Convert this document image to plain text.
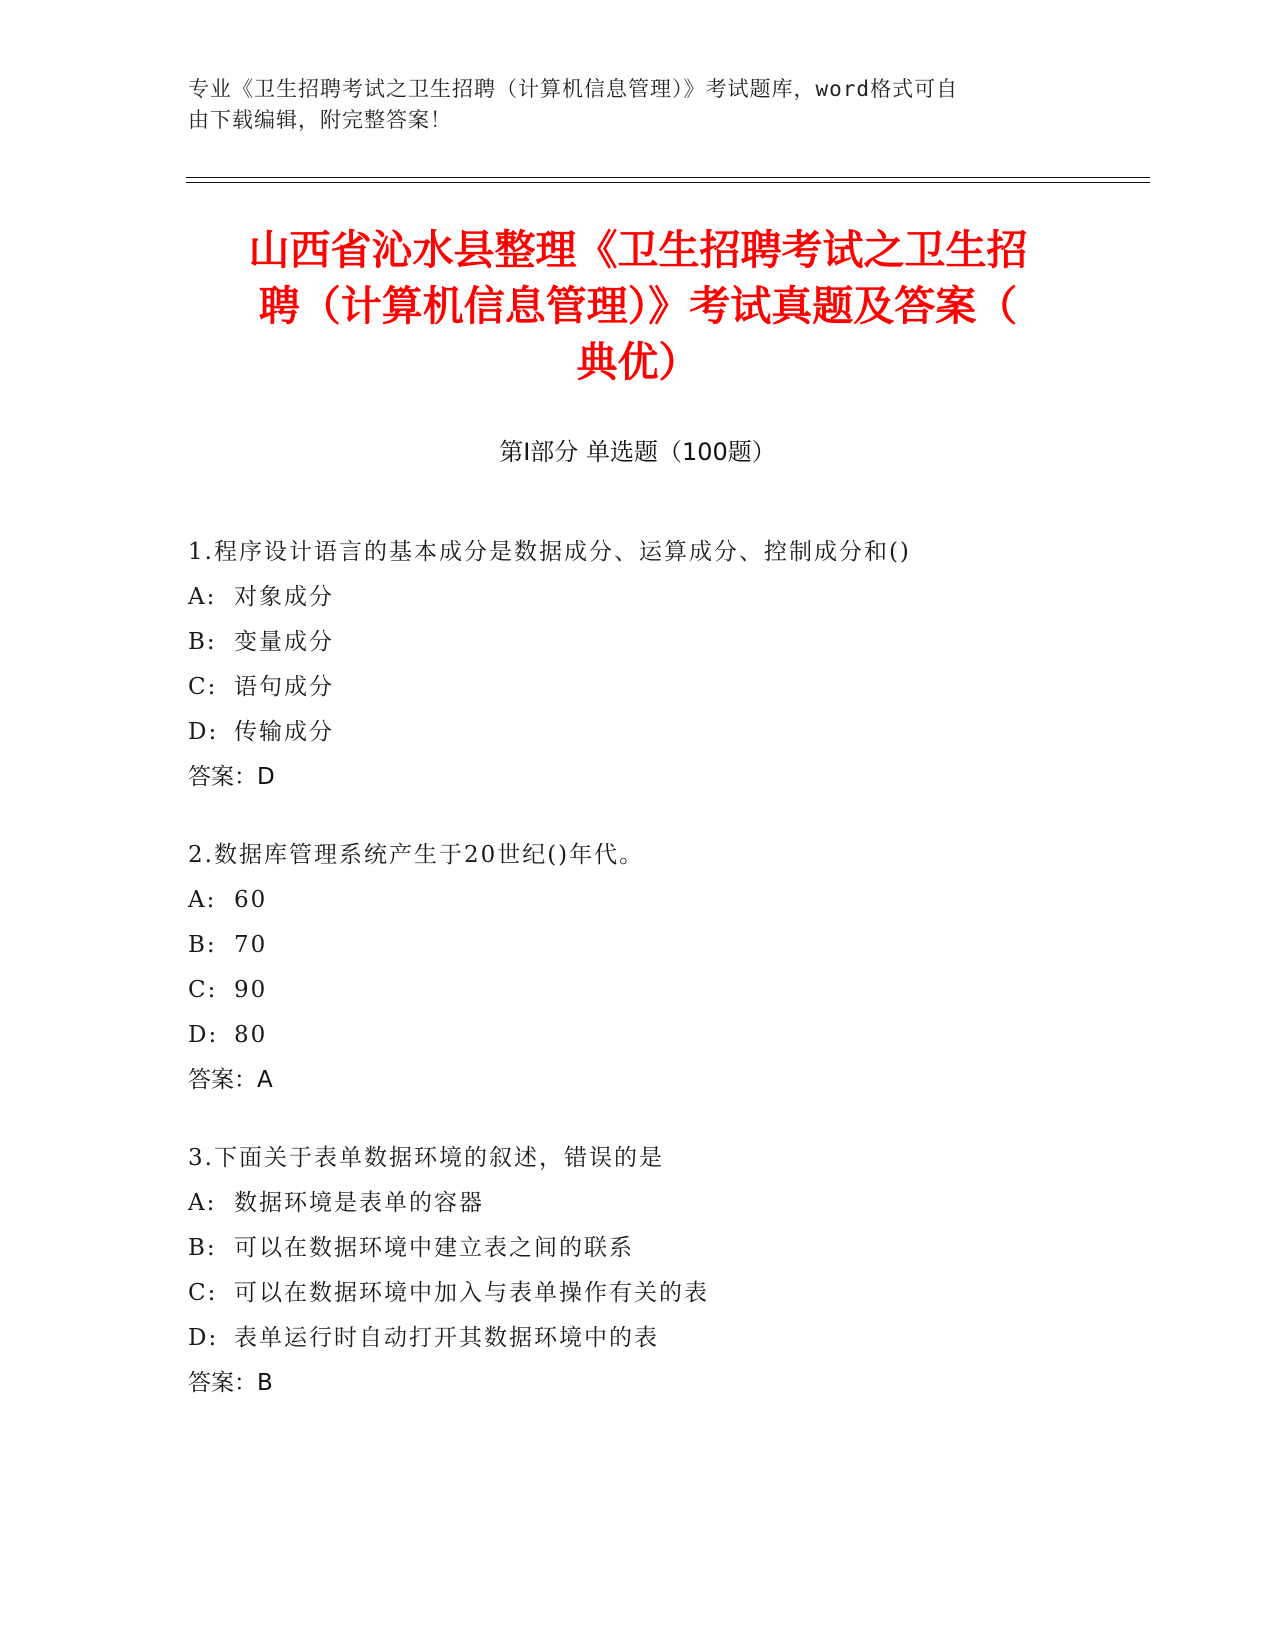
专业《卫生招聘考试之卫生招聘（计算机信息管理）》考试题库，word格式可自
由下载编辑，附完整答案！
山西省沁水县整理《卫生招聘考试之卫生招
聘（计算机信息管理）》考试真题及答案（
典优）
第Ⅰ部分 单选题（100题）
1.程序设计语言的基本成分是数据成分、运算成分、控制成分和()
A: 对象成分
B: 变量成分
C: 语句成分
D: 传输成分
答案：D
2.数据库管理系统产生于20世纪()年代。
A: 60
B: 70
C: 90
D: 80
答案：A
3.下面关于表单数据环境的叙述，错误的是
A: 数据环境是表单的容器
B: 可以在数据环境中建立表之间的联系
C: 可以在数据环境中加入与表单操作有关的表
D: 表单运行时自动打开其数据环境中的表
答案：B
